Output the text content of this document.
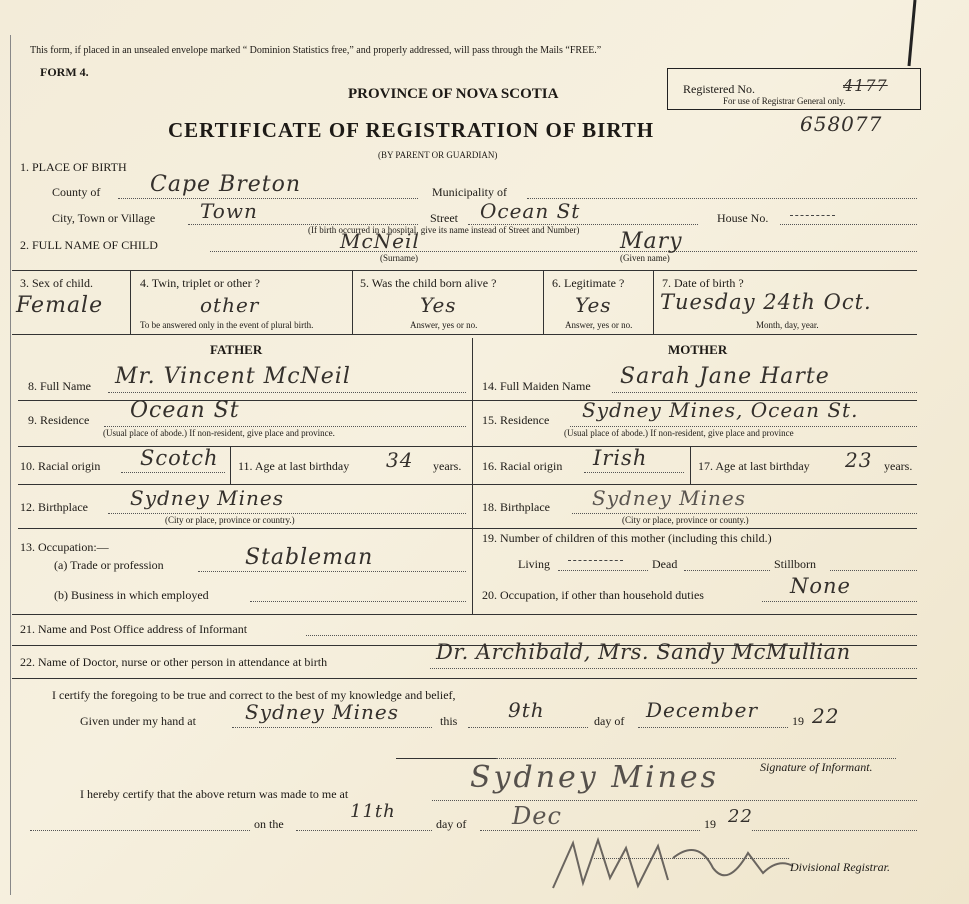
This form, if placed in an unsealed envelope marked “ Dominion Statistics free,” and properly addressed, will pass through the Mails “FREE.”
FORM 4.
PROVINCE OF NOVA SCOTIA
CERTIFICATE OF REGISTRATION OF BIRTH
(BY PARENT OR GUARDIAN)
Registered No.	4177
For use of Registrar General only.
658077
1. PLACE OF BIRTH
County of Cape Breton	Municipality of
City, Town or Village Town	Street Ocean St	House No.
(If birth occurred in a hospital, give its name instead of Street and Number)
2. FULL NAME OF CHILD	McNeil
(Surname)
Mary
(Given name)
3. Sex of child.
Female
4. Twin, triplet or other ?
other
To be answered only in the event of plural birth.
5. Was the child born alive ?
Yes
Answer, yes or no.
6. Legitimate ?
Yes
Answer, yes or no.
7. Date of birth ?
Tuesday 24th Oct.
Month, day, year.
FATHER	MOTHER
8. Full Name Mr. Vincent McNeil
9. Residence Ocean St
(Usual place of abode.) If non-resident, give place and province.
10. Racial origin Scotch 11. Age at last birthday 34 years.
12. Birthplace Sydney Mines
(City or place, province or country.)
13. Occupation:—
(a) Trade or profession	Stableman
(b) Business in which employed
14. Full Maiden Name Sarah Jane Harte
15. Residence Sydney Mines, Ocean St.
(Usual place of abode.) If non-resident, give place and province
16. Racial origin Irish	17. Age at last birthday 23 years.
18. Birthplace Sydney Mines
(City or place, province or county.)
19. Number of children of this mother (including this child.)
Living	Dead	Stillborn
20. Occupation, if other than household duties	None
21. Name and Post Office address of Informant
22. Name of Doctor, nurse or other person in attendance at birth	Dr. Archibald, Mrs. Sandy McMullian
I certify the foregoing to be true and correct to the best of my knowledge and belief,
Given under my hand at Sydney Mines	this	9th	day of December	19 22
Signature of Informant.
I hereby certify that the above return was made to me at	Sydney Mines
on the
11th
day of Dec	19 22
Divisional Registrar.
